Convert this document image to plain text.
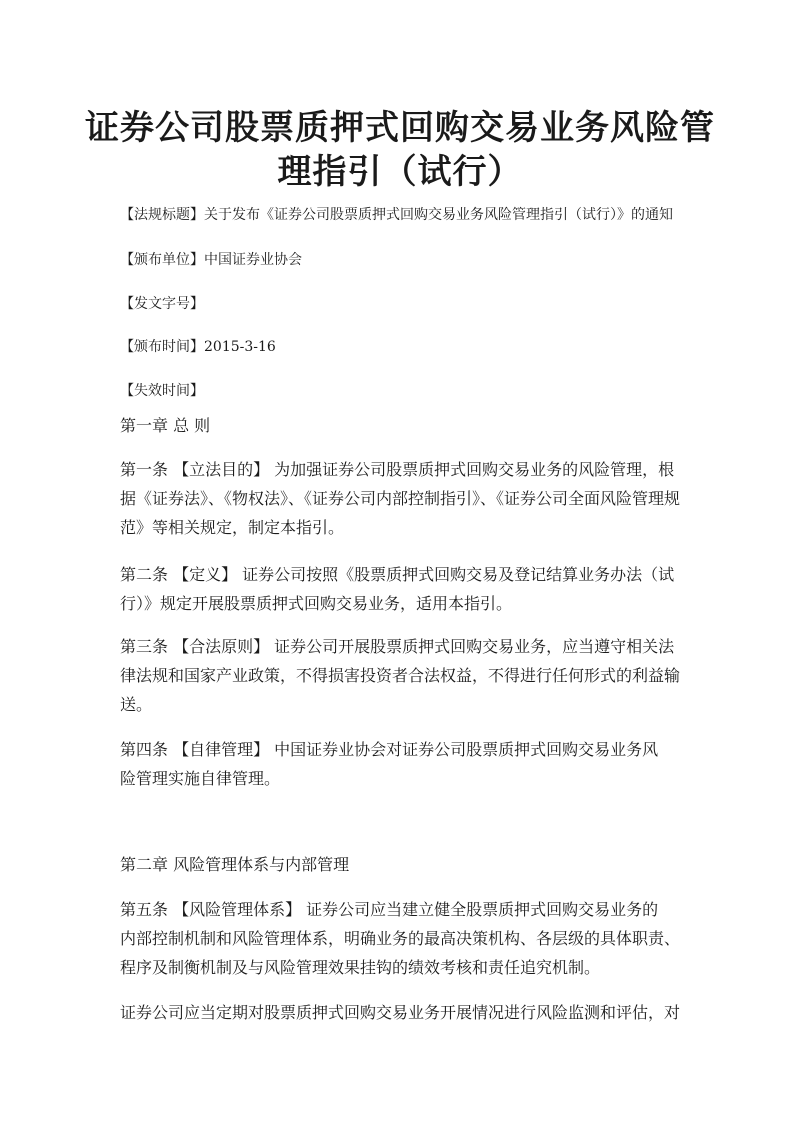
证券公司股票质押式回购交易业务风险管
理指引（试行）
【法规标题】关于发布《证券公司股票质押式回购交易业务风险管理指引（试行）》的通知
【颁布单位】中国证券业协会
【发文字号】
【颁布时间】2015-3-16
【失效时间】
第一章 总 则
第一条 【立法目的】 为加强证券公司股票质押式回购交易业务的风险管理，根
据《证券法》、《物权法》、《证券公司内部控制指引》、《证券公司全面风险管理规
范》等相关规定，制定本指引。
第二条 【定义】 证券公司按照《股票质押式回购交易及登记结算业务办法（试
行）》规定开展股票质押式回购交易业务，适用本指引。
第三条 【合法原则】 证券公司开展股票质押式回购交易业务，应当遵守相关法
律法规和国家产业政策，不得损害投资者合法权益，不得进行任何形式的利益输
送。
第四条 【自律管理】 中国证券业协会对证券公司股票质押式回购交易业务风
险管理实施自律管理。
第二章 风险管理体系与内部管理
第五条 【风险管理体系】 证券公司应当建立健全股票质押式回购交易业务的
内部控制机制和风险管理体系，明确业务的最高决策机构、各层级的具体职责、
程序及制衡机制及与风险管理效果挂钩的绩效考核和责任追究机制。
证券公司应当定期对股票质押式回购交易业务开展情况进行风险监测和评估，对
